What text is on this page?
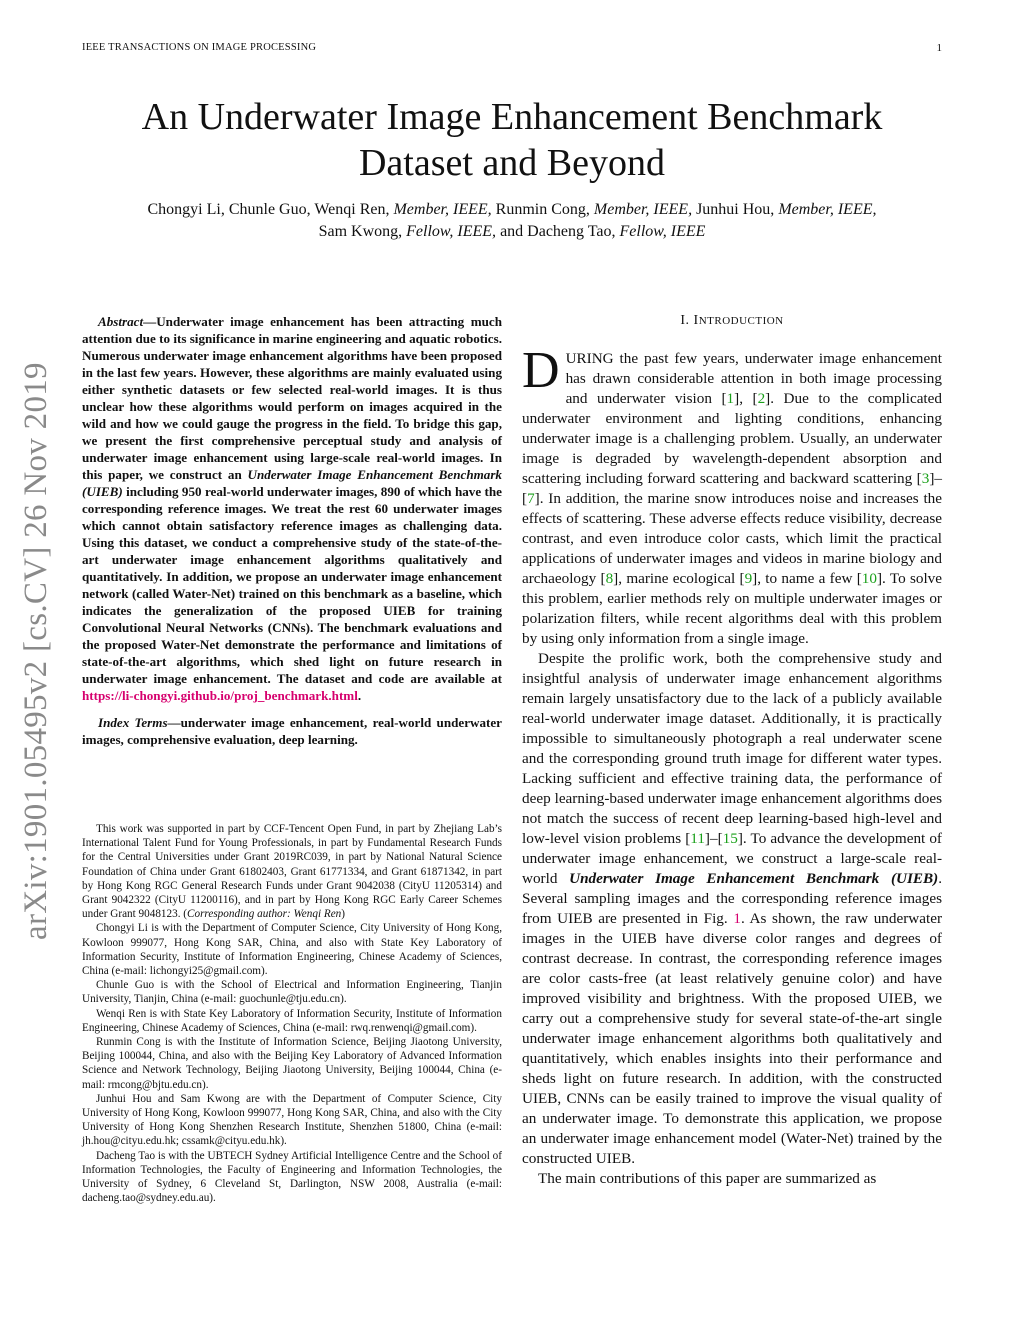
IEEE TRANSACTIONS ON IMAGE PROCESSING	1
arXiv:1901.05495v2 [cs.CV] 26 Nov 2019
An Underwater Image Enhancement Benchmark
Dataset and Beyond
Chongyi Li, Chunle Guo, Wenqi Ren, Member, IEEE, Runmin Cong, Member, IEEE, Junhui Hou, Member, IEEE,
Sam Kwong, Fellow, IEEE, and Dacheng Tao, Fellow, IEEE

Abstract—Underwater image enhancement has been attracting much attention due to its significance in marine engineering and aquatic robotics. Numerous underwater image enhancement algorithms have been proposed in the last few years. However, these algorithms are mainly evaluated using either synthetic datasets or few selected real-world images. It is thus unclear how these algorithms would perform on images acquired in the wild and how we could gauge the progress in the field. To bridge this gap, we present the first comprehensive perceptual study and analysis of underwater image enhancement using large-scale real-world images. In this paper, we construct an Underwater Image Enhancement Benchmark (UIEB) including 950 real-world underwater images, 890 of which have the corresponding reference images. We treat the rest 60 underwater images which cannot obtain satisfactory reference images as challenging data. Using this dataset, we conduct a comprehensive study of the state-of-the-art underwater image enhancement algorithms qualitatively and quantitatively. In addition, we propose an underwater image enhancement network (called Water-Net) trained on this benchmark as a baseline, which indicates the generalization of the proposed UIEB for training Convolutional Neural Networks (CNNs). The benchmark evaluations and the proposed Water-Net demonstrate the performance and limitations of state-of-the-art algorithms, which shed light on future research in underwater image enhancement. The dataset and code are available at https://li-chongyi.github.io/proj_benchmark.html.

Index Terms—underwater image enhancement, real-world underwater images, comprehensive evaluation, deep learning.

This work was supported in part by CCF-Tencent Open Fund, in part by Zhejiang Lab’s International Talent Fund for Young Professionals, in part by Fundamental Research Funds for the Central Universities under Grant 2019RC039, in part by National Natural Science Foundation of China under Grant 61802403, Grant 61771334, and Grant 61871342, in part by Hong Kong RGC General Research Funds under Grant 9042038 (CityU 11205314) and Grant 9042322 (CityU 11200116), and in part by Hong Kong RGC Early Career Schemes under Grant 9048123. (Corresponding author: Wenqi Ren)

Chongyi Li is with the Department of Computer Science, City University of Hong Kong, Kowloon 999077, Hong Kong SAR, China, and also with State Key Laboratory of Information Security, Institute of Information Engineering, Chinese Academy of Sciences, China (e-mail: lichongyi25@gmail.com).

Chunle Guo is with the School of Electrical and Information Engineering, Tianjin University, Tianjin, China (e-mail: guochunle@tju.edu.cn).

Wenqi Ren is with State Key Laboratory of Information Security, Institute of Information Engineering, Chinese Academy of Sciences, China (e-mail: rwq.renwenqi@gmail.com).

Runmin Cong is with the Institute of Information Science, Beijing Jiaotong University, Beijing 100044, China, and also with the Beijing Key Laboratory of Advanced Information Science and Network Technology, Beijing Jiaotong University, Beijing 100044, China (e-mail: rmcong@bjtu.edu.cn).

Junhui Hou and Sam Kwong are with the Department of Computer Science, City University of Hong Kong, Kowloon 999077, Hong Kong SAR, China, and also with the City University of Hong Kong Shenzhen Research Institute, Shenzhen 51800, China (e-mail: jh.hou@cityu.edu.hk; cssamk@cityu.edu.hk).

Dacheng Tao is with the UBTECH Sydney Artificial Intelligence Centre and the School of Information Technologies, the Faculty of Engineering and Information Technologies, the University of Sydney, 6 Cleveland St, Darlington, NSW 2008, Australia (e-mail: dacheng.tao@sydney.edu.au).

I. INTRODUCTION

DURING the past few years, underwater image enhancement has drawn considerable attention in both image processing and underwater vision [1], [2]. Due to the complicated underwater environment and lighting conditions, enhancing underwater image is a challenging problem. Usually, an underwater image is degraded by wavelength-dependent absorption and scattering including forward scattering and backward scattering [3]–[7]. In addition, the marine snow introduces noise and increases the effects of scattering. These adverse effects reduce visibility, decrease contrast, and even introduce color casts, which limit the practical applications of underwater images and videos in marine biology and archaeology [8], marine ecological [9], to name a few [10]. To solve this problem, earlier methods rely on multiple underwater images or polarization filters, while recent algorithms deal with this problem by using only information from a single image.

Despite the prolific work, both the comprehensive study and insightful analysis of underwater image enhancement algorithms remain largely unsatisfactory due to the lack of a publicly available real-world underwater image dataset. Additionally, it is practically impossible to simultaneously photograph a real underwater scene and the corresponding ground truth image for different water types. Lacking sufficient and effective training data, the performance of deep learning-based underwater image enhancement algorithms does not match the success of recent deep learning-based high-level and low-level vision problems [11]–[15]. To advance the development of underwater image enhancement, we construct a large-scale real-world Underwater Image Enhancement Benchmark (UIEB). Several sampling images and the corresponding reference images from UIEB are presented in Fig. 1. As shown, the raw underwater images in the UIEB have diverse color ranges and degrees of contrast decrease. In contrast, the corresponding reference images are color casts-free (at least relatively genuine color) and have improved visibility and brightness. With the proposed UIEB, we carry out a comprehensive study for several state-of-the-art single underwater image enhancement algorithms both qualitatively and quantitatively, which enables insights into their performance and sheds light on future research. In addition, with the constructed UIEB, CNNs can be easily trained to improve the visual quality of an underwater image. To demonstrate this application, we propose an underwater image enhancement model (Water-Net) trained by the constructed UIEB.

The main contributions of this paper are summarized as
